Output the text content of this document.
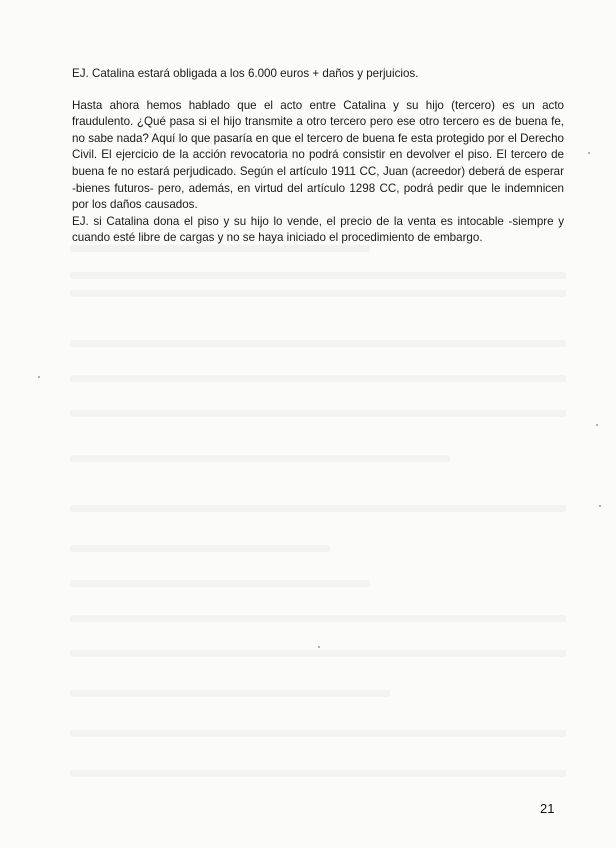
EJ. Catalina estará obligada a los 6.000 euros + daños y perjuicios.

Hasta ahora hemos hablado que el acto entre Catalina y su hijo (tercero) es un acto fraudulento. ¿Qué pasa si el hijo transmite a otro tercero pero ese otro tercero es de buena fe, no sabe nada? Aquí lo que pasaría en que el tercero de buena fe esta protegido por el Derecho Civil. El ejercicio de la acción revocatoria no podrá consistir en devolver el piso. El tercero de buena fe no estará perjudicado. Según el artículo 1911 CC, Juan (acreedor) deberá de esperar -bienes futuros- pero, además, en virtud del artículo 1298 CC, podrá pedir que le indemnicen por los daños causados.

EJ. si Catalina dona el piso y su hijo lo vende, el precio de la venta es intocable -siempre y cuando esté libre de cargas y no se haya iniciado el procedimiento de embargo.

21
